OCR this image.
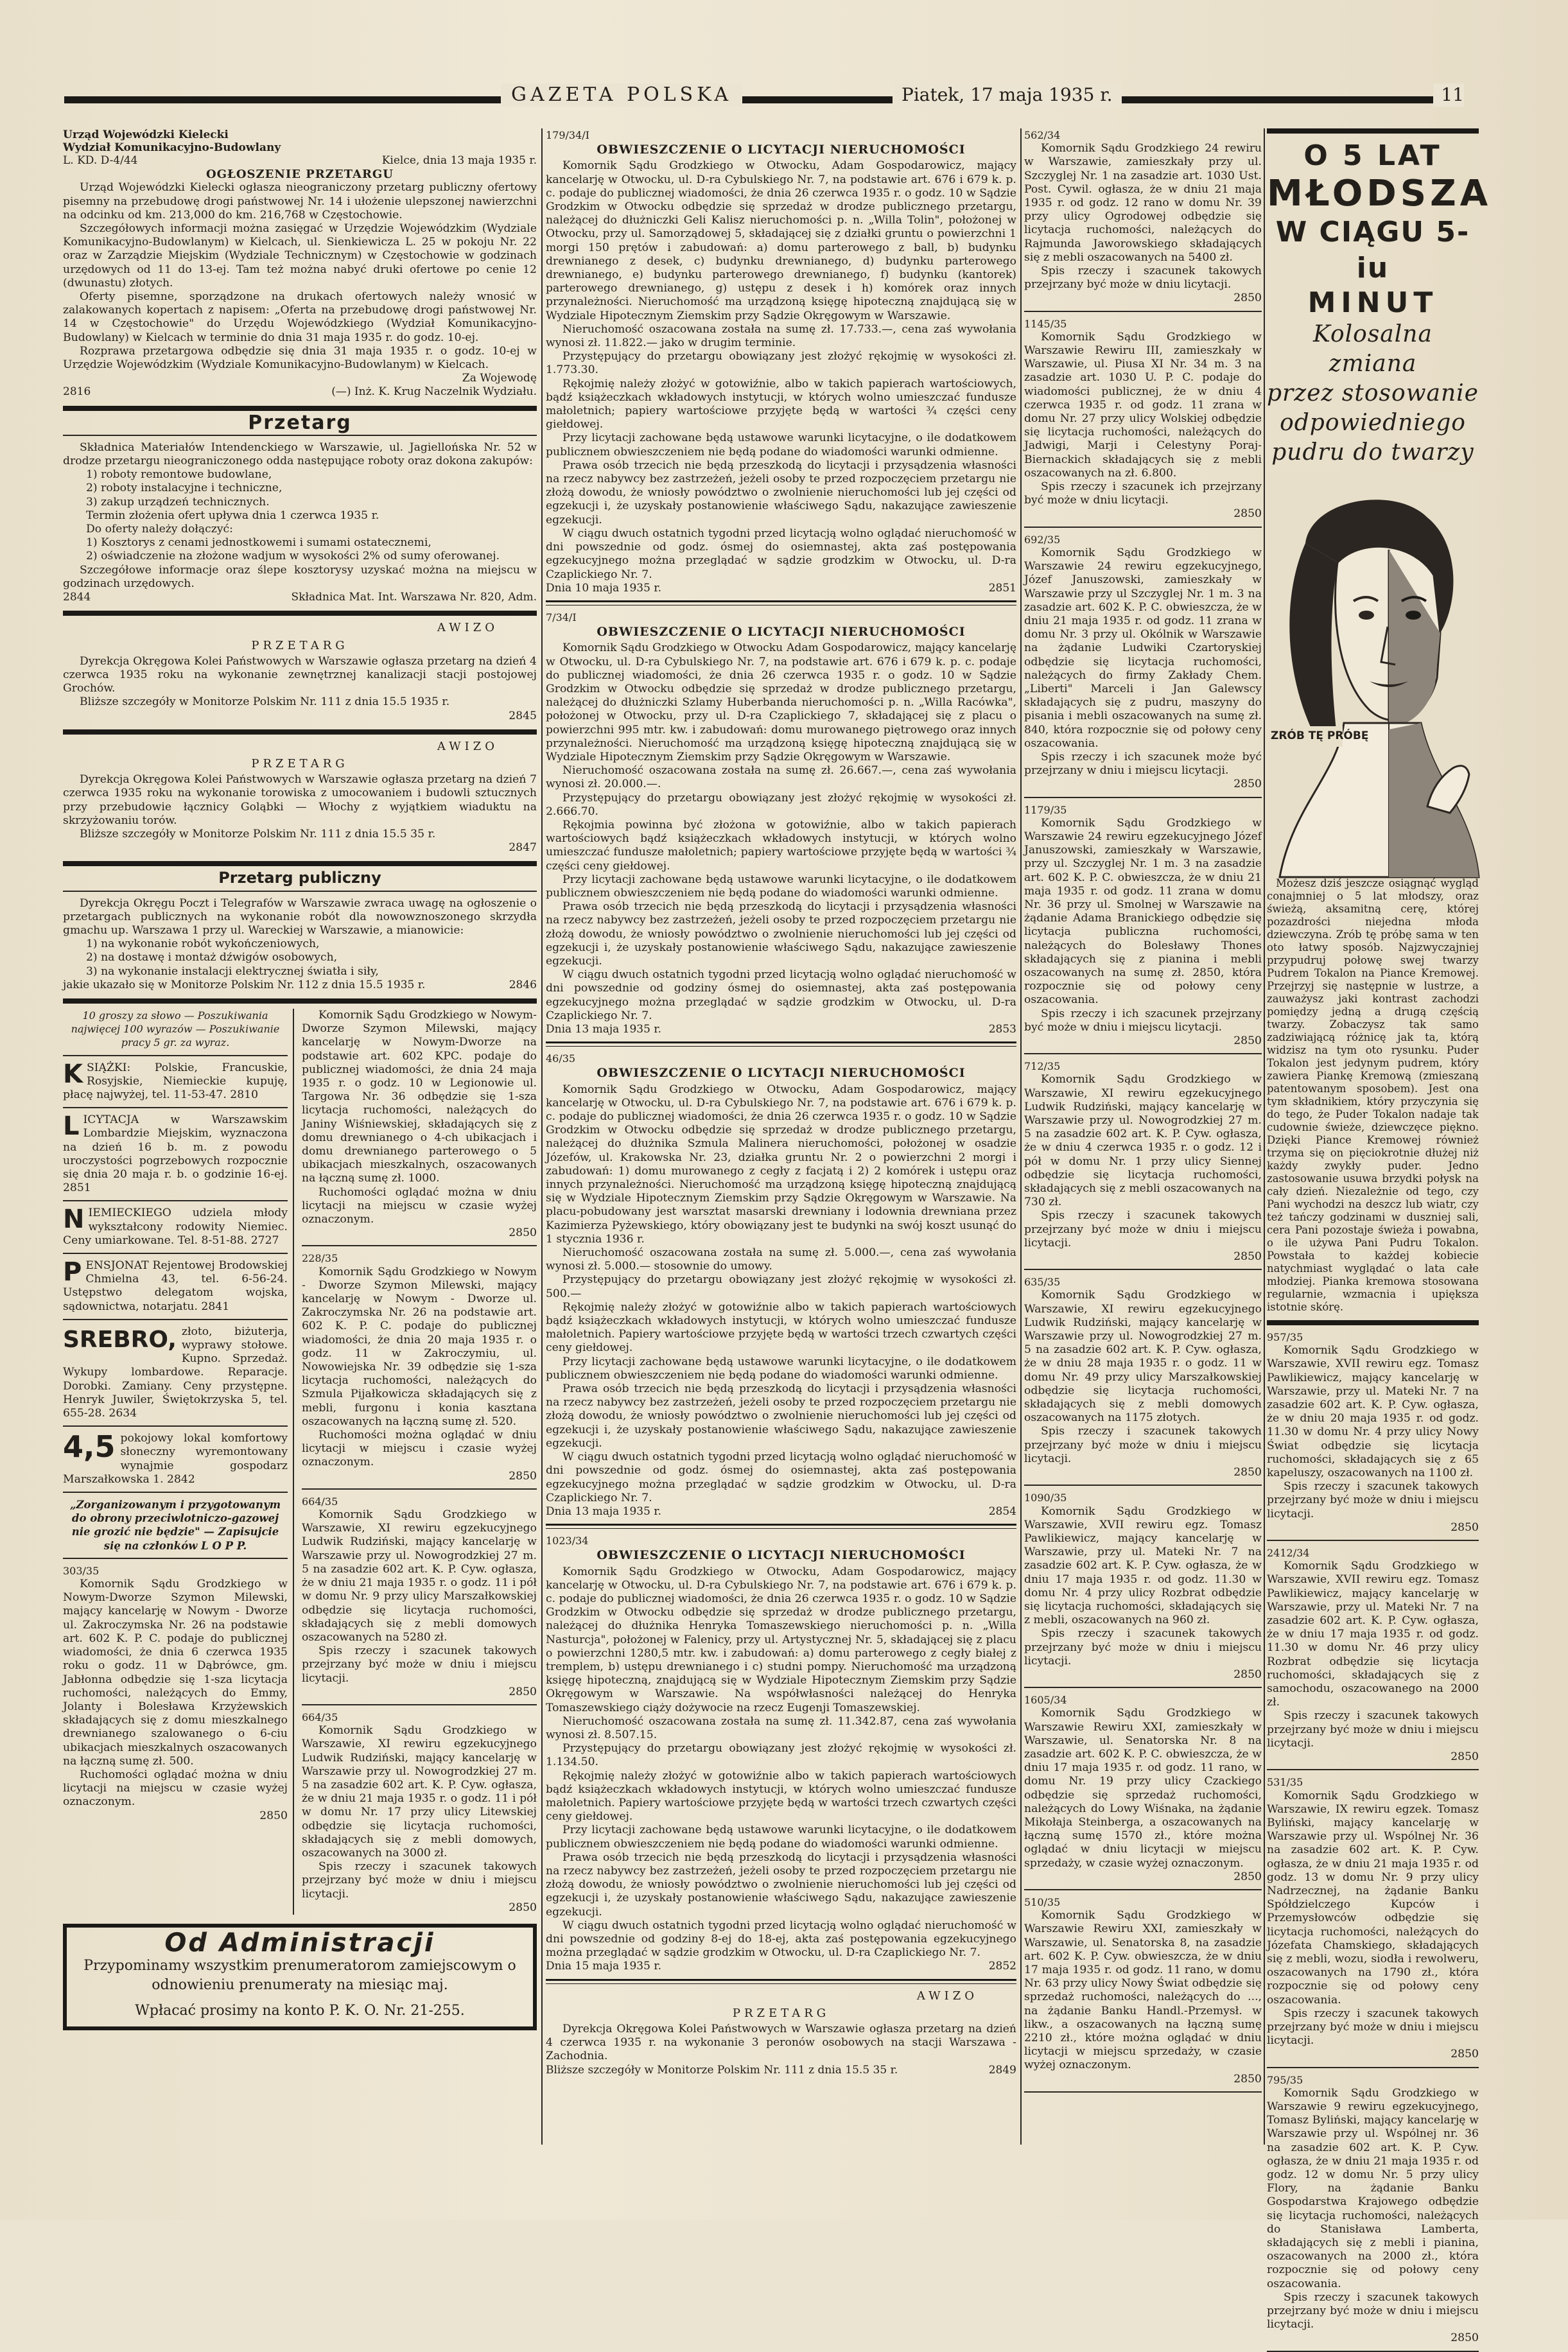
GAZETA POLSKA	Piatek, 17 maja 1935 r.	11
Urząd Wojewódzki Kielecki
Wydział Komunikacyjno-Budowlany
L. KD. D-4/44	Kielce, dnia 13 maja 1935 r.
OGŁOSZENIE PRZETARGU

Urząd Wojewódzki Kielecki ogłasza nieograniczony przetarg publiczny ofertowy pisemny na przebudowę drogi państwowej Nr. 14 i ułożenie ulepszonej nawierzchni na odcinku od km. 213,000 do km. 216,768 w Częstochowie.

Szczegółowych informacji można zasięgać w Urzędzie Wojewódzkim (Wydziale Komunikacyjno-Budowlanym) w Kielcach, ul. Sienkiewicza L. 25 w pokoju Nr. 22 oraz w Zarządzie Miejskim (Wydziale Technicznym) w Częstochowie w godzinach urzędowych od 11 do 13-ej. Tam też można nabyć druki ofertowe po cenie 12 (dwunastu) złotych.

Oferty pisemne, sporządzone na drukach ofertowych należy wnosić w zalakowanych kopertach z napisem: „Oferta na przebudowę drogi państwowej Nr. 14 w Częstochowie" do Urzędu Wojewódzkiego (Wydział Komunikacyjno-Budowlany) w Kielcach w terminie do dnia 31 maja 1935 r. do godz. 10-ej.

Rozprawa przetargowa odbędzie się dnia 31 maja 1935 r. o godz. 10-ej w Urzędzie Wojewódzkim (Wydziale Komunikacyjno-Budowlanym) w Kielcach.

Za Wojewodę
2816	(—) Inż. K. Krug Naczelnik Wydziału.
Przetarg

Składnica Materiałów Intendenckiego w Warszawie, ul. Jagiellońska Nr. 52 w drodze przetargu nieograniczonego odda następujące roboty oraz dokona zakupów:

1) roboty remontowe budowlane,
2) roboty instalacyjne i techniczne,
3) zakup urządzeń technicznych.
Termin złożenia ofert upływa dnia 1 czerwca 1935 r.
Do oferty należy dołączyć:
1) Kosztorys z cenami jednostkowemi i sumami ostatecznemi,
2) oświadczenie na złożone wadjum w wysokości 2% od sumy oferowanej.

Szczegółowe informacje oraz ślepe kosztorysy uzyskać można na miejscu w godzinach urzędowych.

2844	Składnica Mat. Int. Warszawa Nr. 820, Adm.
AWIZO
PRZETARG

Dyrekcja Okręgowa Kolei Państwowych w Warszawie ogłasza przetarg na dzień 4 czerwca 1935 roku na wykonanie zewnętrznej kanalizacji stacji postojowej Grochów.

Bliższe szczegóły w Monitorze Polskim Nr. 111 z dnia 15.5 1935 r.

2845
AWIZO
PRZETARG

Dyrekcja Okręgowa Kolei Państwowych w Warszawie ogłasza przetarg na dzień 7 czerwca 1935 roku na wykonanie torowiska z umocowaniem i budowli sztucznych przy przebudowie łącznicy Goląbki — Włochy z wyjątkiem wiaduktu na skrzyżowaniu torów.

Bliższe szczegóły w Monitorze Polskim Nr. 111 z dnia 15.5 35 r.

2847
Przetarg publiczny

Dyrekcja Okręgu Poczt i Telegrafów w Warszawie zwraca uwagę na ogłoszenie o przetargach publicznych na wykonanie robót dla nowowznoszonego skrzydła gmachu up. Warszawa 1 przy ul. Wareckiej w Warszawie, a mianowicie:

1) na wykonanie robót wykończeniowych,
2) na dostawę i montaż dźwigów osobowych,
3) na wykonanie instalacji elektrycznej światła i siły,
jakie ukazało się w Monitorze Polskim Nr. 112 z dnia 15.5 1935 r.	2846
10 groszy za słowo — Poszukiwania najwięcej 100 wyrazów — Poszukiwanie pracy 5 gr. za wyraz.
KSIĄŻKI: Polskie, Francuskie, Rosyjskie, Niemieckie kupuję, płacę najwyżej, tel. 11-53-47. 2810
LICYTACJA w Warszawskim Lombardzie Miejskim, wyznaczona na dzień 16 b. m. z powodu uroczystości pogrzebowych rozpocznie się dnia 20 maja r. b. o godzinie 16-ej. 2851
NIEMIECKIEGO udziela młody wykształcony rodowity Niemiec. Ceny umiarkowane. Tel. 8-51-88. 2727
PENSJONAT Rejentowej Brodowskiej Chmielna 43, tel. 6-56-24. Ustępstwo delegatom wojska, sądownictwa, notarjatu. 2841
SREBRO, złoto, biżuterja, wyprawy stołowe. Kupno. Sprzedaż. Wykupy lombardowe. Reparacje. Dorobki. Zamiany. Ceny przystępne. Henryk Juwiler, Świętokrzyska 5, tel. 655-28. 2634
4,5 pokojowy lokal komfortowy słoneczny wyremontowany wynajmie gospodarz Marszałkowska 1. 2842
„Zorganizowanym i przygotowanym do obrony przeciwlotniczo-gazowej nie grozić nie będzie" — Zapisujcie się na członków L O P P.
303/35

Komornik Sądu Grodzkiego w Nowym-Dworze Szymon Milewski, mający kancelarję w Nowym - Dworze ul. Zakroczymska Nr. 26 na podstawie art. 602 K. P. C. podaje do publicznej wiadomości, że dnia 6 czerwca 1935 roku o godz. 11 w Dąbrówce, gm. Jabłonna odbędzie się 1-sza licytacja ruchomości, należących do Emmy, Jolanty i Bolesława Krzyżewskich składających się z domu mieszkalnego drewnianego szalowanego o 6-ciu ubikacjach mieszkalnych oszacowanych na łączną sumę zł. 500.

Ruchomości oglądać można w dniu licytacji na miejscu w czasie wyżej oznaczonym.

2850

Komornik Sądu Grodzkiego w Nowym-Dworze Szymon Milewski, mający kancelarję w Nowym-Dworze na podstawie art. 602 KPC. podaje do publicznej wiadomości, że dnia 24 maja 1935 r. o godz. 10 w Legionowie ul. Targowa Nr. 36 odbędzie się 1-sza licytacja ruchomości, należących do Janiny Wiśniewskiej, składających się z domu drewnianego o 4-ch ubikacjach i domu drewnianego parterowego o 5 ubikacjach mieszkalnych, oszacowanych na łączną sumę zł. 1000.

Ruchomości oglądać można w dniu licytacji na miejscu w czasie wyżej oznaczonym.

2850
228/35

Komornik Sądu Grodzkiego w Nowym - Dworze Szymon Milewski, mający kancelarję w Nowym - Dworze ul. Zakroczymska Nr. 26 na podstawie art. 602 K. P. C. podaje do publicznej wiadomości, że dnia 20 maja 1935 r. o godz. 11 w Zakroczymiu, ul. Nowowiejska Nr. 39 odbędzie się 1-sza licytacja ruchomości, należących do Szmula Pijałkowicza składających się z mebli, furgonu i konia kasztana oszacowanych na łączną sumę zł. 520.

Ruchomości można oglądać w dniu licytacji w miejscu i czasie wyżej oznaczonym.

2850
664/35

Komornik Sądu Grodzkiego w Warszawie, XI rewiru egzekucyjnego Ludwik Rudziński, mający kancelarję w Warszawie przy ul. Nowogrodzkiej 27 m. 5 na zasadzie 602 art. K. P. Cyw. ogłasza, że w dniu 21 maja 1935 r. o godz. 11 i pół w domu Nr. 9 przy ulicy Marszałkowskiej odbędzie się licytacja ruchomości, składających się z mebli domowych oszacowanych na 5280 zł.

Spis rzeczy i szacunek takowych przejrzany być może w dniu i miejscu licytacji.

2850
664/35

Komornik Sądu Grodzkiego w Warszawie, XI rewiru egzekucyjnego Ludwik Rudziński, mający kancelarję w Warszawie przy ul. Nowogrodzkiej 27 m. 5 na zasadzie 602 art. K. P. Cyw. ogłasza, że w dniu 21 maja 1935 r. o godz. 11 i pół w domu Nr. 17 przy ulicy Litewskiej odbędzie się licytacja ruchomości, składających się z mebli domowych, oszacowanych na 3000 zł.

Spis rzeczy i szacunek takowych przejrzany być może w dniu i miejscu licytacji.

2850
Od Administracji
Przypominamy wszystkim prenumeratorom zamiejscowym o odnowieniu prenumeraty na miesiąc maj.
Wpłacać prosimy na konto P. K. O. Nr. 21-255.
179/34/I
OBWIESZCZENIE O LICYTACJI NIERUCHOMOŚCI

Komornik Sądu Grodzkiego w Otwocku, Adam Gospodarowicz, mający kancelarję w Otwocku, ul. D-ra Cybulskiego Nr. 7, na podstawie art. 676 i 679 k. p. c. podaje do publicznej wiadomości, że dnia 26 czerwca 1935 r. o godz. 10 w Sądzie Grodzkim w Otwocku odbędzie się sprzedaż w drodze publicznego przetargu, należącej do dłużniczki Geli Kalisz nieruchomości p. n. „Willa Tolin", położonej w Otwocku, przy ul. Samorządowej 5, składającej się z działki gruntu o powierzchni 1 morgi 150 prętów i zabudowań: a) domu parterowego z ball, b) budynku drewnianego z desek, c) budynku drewnianego, d) budynku parterowego drewnianego, e) budynku parterowego drewnianego, f) budynku (kantorek) parterowego drewnianego, g) ustępu z desek i h) komórek oraz innych przynależności. Nieruchomość ma urządzoną księgę hipoteczną znajdującą się w Wydziale Hipotecznym Ziemskim przy Sądzie Okręgowym w Warszawie.

Nieruchomość oszacowana została na sumę zł. 17.733.—, cena zaś wywołania wynosi zł. 11.822.— jako w drugim terminie.

Przystępujący do przetargu obowiązany jest złożyć rękojmię w wysokości zł. 1.773.30.

Rękojmię należy złożyć w gotowiźnie, albo w takich papierach wartościowych, bądź książeczkach wkładowych instytucji, w których wolno umieszczać fundusze małoletnich; papiery wartościowe przyjęte będą w wartości ¾ części ceny giełdowej.

Przy licytacji zachowane będą ustawowe warunki licytacyjne, o ile dodatkowem publicznem obwieszczeniem nie będą podane do wiadomości warunki odmienne.

Prawa osób trzecich nie będą przeszkodą do licytacji i przysądzenia własności na rzecz nabywcy bez zastrzeżeń, jeżeli osoby te przed rozpoczęciem przetargu nie złożą dowodu, że wniosły powództwo o zwolnienie nieruchomości lub jej części od egzekucji i, że uzyskały postanowienie właściwego Sądu, nakazujące zawieszenie egzekucji.

W ciągu dwuch ostatnich tygodni przed licytacją wolno oglądać nieruchomość w dni powszednie od godz. ósmej do osiemnastej, akta zaś postępowania egzekucyjnego można przeglądać w sądzie grodzkim w Otwocku, ul. D-ra Czaplickiego Nr. 7.

Dnia 10 maja 1935 r.	2851
7/34/I
OBWIESZCZENIE O LICYTACJI NIERUCHOMOŚCI

Komornik Sądu Grodzkiego w Otwocku Adam Gospodarowicz, mający kancelarję w Otwocku, ul. D-ra Cybulskiego Nr. 7, na podstawie art. 676 i 679 k. p. c. podaje do publicznej wiadomości, że dnia 26 czerwca 1935 r. o godz. 10 w Sądzie Grodzkim w Otwocku odbędzie się sprzedaż w drodze publicznego przetargu, należącej do dłużniczki Szlamy Huberbanda nieruchomości p. n. „Willa Racówka", położonej w Otwocku, przy ul. D-ra Czaplickiego 7, składającej się z placu o powierzchni 995 mtr. kw. i zabudowań: domu murowanego piętrowego oraz innych przynależności. Nieruchomość ma urządzoną księgę hipoteczną znajdującą się w Wydziale Hipotecznym Ziemskim przy Sądzie Okręgowym w Warszawie.

Nieruchomość oszacowana została na sumę zł. 26.667.—, cena zaś wywołania wynosi zł. 20.000.—.

Przystępujący do przetargu obowiązany jest złożyć rękojmię w wysokości zł. 2.666.70.

Rękojmia powinna być złożona w gotowiźnie, albo w takich papierach wartościowych bądź książeczkach wkładowych instytucji, w których wolno umieszczać fundusze małoletnich; papiery wartościowe przyjęte będą w wartości ¾ części ceny giełdowej.

Przy licytacji zachowane będą ustawowe warunki licytacyjne, o ile dodatkowem publicznem obwieszczeniem nie będą podane do wiadomości warunki odmienne.

Prawa osób trzecich nie będą przeszkodą do licytacji i przysądzenia własności na rzecz nabywcy bez zastrzeżeń, jeżeli osoby te przed rozpoczęciem przetargu nie złożą dowodu, że wniosły powództwo o zwolnienie nieruchomości lub jej części od egzekucji i, że uzyskały postanowienie właściwego Sądu, nakazujące zawieszenie egzekucji.

W ciągu dwuch ostatnich tygodni przed licytacją wolno oglądać nieruchomość w dni powszednie od godziny ósmej do osiemnastej, akta zaś postępowania egzekucyjnego można przeglądać w sądzie grodzkim w Otwocku, ul. D-ra Czaplickiego Nr. 7.

Dnia 13 maja 1935 r.	2853
46/35
OBWIESZCZENIE O LICYTACJI NIERUCHOMOŚCI

Komornik Sądu Grodzkiego w Otwocku, Adam Gospodarowicz, mający kancelarję w Otwocku, ul. D-ra Cybulskiego Nr. 7, na podstawie art. 676 i 679 k. p. c. podaje do publicznej wiadomości, że dnia 26 czerwca 1935 r. o godz. 10 w Sądzie Grodzkim w Otwocku odbędzie się sprzedaż w drodze publicznego przetargu, należącej do dłużnika Szmula Malinera nieruchomości, położonej w osadzie Józefów, ul. Krakowska Nr. 23, działka gruntu Nr. 2 o powierzchni 2 morgi i zabudowań: 1) domu murowanego z cegły z facjatą i 2) 2 komórek i ustępu oraz innych przynależności. Nieruchomość ma urządzoną księgę hipoteczną znajdującą się w Wydziale Hipotecznym Ziemskim przy Sądzie Okręgowym w Warszawie. Na placu-pobudowany jest warsztat masarski drewniany i lodownia drewniana przez Kazimierza Pyżewskiego, który obowiązany jest te budynki na swój koszt usunąć do 1 stycznia 1936 r.

Nieruchomość oszacowana została na sumę zł. 5.000.—, cena zaś wywołania wynosi zł. 5.000.— stosownie do umowy.

Przystępujący do przetargu obowiązany jest złożyć rękojmię w wysokości zł. 500.—

Rękojmię należy złożyć w gotowiźnie albo w takich papierach wartościowych bądź książeczkach wkładowych instytucji, w których wolno umieszczać fundusze małoletnich. Papiery wartościowe przyjęte będą w wartości trzech czwartych części ceny giełdowej.

Przy licytacji zachowane będą ustawowe warunki licytacyjne, o ile dodatkowem publicznem obwieszczeniem nie będą podane do wiadomości warunki odmienne.

Prawa osób trzecich nie będą przeszkodą do licytacji i przysądzenia własności na rzecz nabywcy bez zastrzeżeń, jeżeli osoby te przed rozpoczęciem przetargu nie złożą dowodu, że wniosły powództwo o zwolnienie nieruchomości lub jej części od egzekucji i, że uzyskały postanowienie właściwego Sądu, nakazujące zawieszenie egzekucji.

W ciągu dwuch ostatnich tygodni przed licytacją wolno oglądać nieruchomość w dni powszednie od godz. ósmej do osiemnastej, akta zaś postępowania egzekucyjnego można przeglądać w sądzie grodzkim w Otwocku, ul. D-ra Czaplickiego Nr. 7.

Dnia 13 maja 1935 r.	2854
1023/34
OBWIESZCZENIE O LICYTACJI NIERUCHOMOŚCI

Komornik Sądu Grodzkiego w Otwocku, Adam Gospodarowicz, mający kancelarję w Otwocku, ul. D-ra Cybulskiego Nr. 7, na podstawie art. 676 i 679 k. p. c. podaje do publicznej wiadomości, że dnia 26 czerwca 1935 r. o godz. 10 w Sądzie Grodzkim w Otwocku odbędzie się sprzedaż w drodze publicznego przetargu, należącej do dłużnika Henryka Tomaszewskiego nieruchomości p. n. „Willa Nasturcja", położonej w Falenicy, przy ul. Artystycznej Nr. 5, składającej się z placu o powierzchni 1280,5 mtr. kw. i zabudowań: a) domu parterowego z cegły białej z tremplem, b) ustępu drewnianego i c) studni pompy. Nieruchomość ma urządzoną księgę hipoteczną, znajdującą się w Wydziale Hipotecznym Ziemskim przy Sądzie Okręgowym w Warszawie. Na współwłasności należącej do Henryka Tomaszewskiego ciąży dożywocie na rzecz Eugenji Tomaszewskiej.

Nieruchomość oszacowana została na sumę zł. 11.342.87, cena zaś wywołania wynosi zł. 8.507.15.

Przystępujący do przetargu obowiązany jest złożyć rękojmię w wysokości zł. 1.134.50.

Rękojmię należy złożyć w gotowiźnie albo w takich papierach wartościowych bądź książeczkach wkładowych instytucji, w których wolno umieszczać fundusze małoletnich. Papiery wartościowe przyjęte będą w wartości trzech czwartych części ceny giełdowej.

Przy licytacji zachowane będą ustawowe warunki licytacyjne, o ile dodatkowem publicznem obwieszczeniem nie będą podane do wiadomości warunki odmienne.

Prawa osób trzecich nie będą przeszkodą do licytacji i przysądzenia własności na rzecz nabywcy bez zastrzeżeń, jeżeli osoby te przed rozpoczęciem przetargu nie złożą dowodu, że wniosły powództwo o zwolnienie nieruchomości lub jej części od egzekucji i, że uzyskały postanowienie właściwego Sądu, nakazujące zawieszenie egzekucji.

W ciągu dwuch ostatnich tygodni przed licytacją wolno oglądać nieruchomość w dni powszednie od godziny 8-ej do 18-ej, akta zaś postępowania egzekucyjnego można przeglądać w sądzie grodzkim w Otwocku, ul. D-ra Czaplickiego Nr. 7.

Dnia 15 maja 1935 r.	2852
AWIZO
PRZETARG

Dyrekcja Okręgowa Kolei Państwowych w Warszawie ogłasza przetarg na dzień 4 czerwca 1935 r. na wykonanie 3 peronów osobowych na stacji Warszawa - Zachodnia.

Bliższe szczegóły w Monitorze Polskim Nr. 111 z dnia 15.5 35 r.	2849
562/34

Komornik Sądu Grodzkiego 24 rewiru w Warszawie, zamieszkały przy ul. Szczyglej Nr. 1 na zasadzie art. 1030 Ust. Post. Cywil. ogłasza, że w dniu 21 maja 1935 r. od godz. 12 rano w domu Nr. 39 przy ulicy Ogrodowej odbędzie się licytacja ruchomości, należących do Rajmunda Jaworowskiego składających się z mebli oszacowanych na 5400 zł.

Spis rzeczy i szacunek takowych przejrzany być może w dniu licytacji.

2850
1145/35

Komornik Sądu Grodzkiego w Warszawie Rewiru III, zamieszkały w Warszawie, ul. Piusa XI Nr. 34 m. 3 na zasadzie art. 1030 U. P. C. podaje do wiadomości publicznej, że w dniu 4 czerwca 1935 r. od godz. 11 zrana w domu Nr. 27 przy ulicy Wolskiej odbędzie się licytacja ruchomości, należących do Jadwigi, Marji i Celestyny Poraj-Biernackich składających się z mebli oszacowanych na zł. 6.800.

Spis rzeczy i szacunek ich przejrzany być może w dniu licytacji.

2850
692/35

Komornik Sądu Grodzkiego w Warszawie 24 rewiru egzekucyjnego, Józef Januszowski, zamieszkały w Warszawie przy ul Szczyglej Nr. 1 m. 3 na zasadzie art. 602 K. P. C. obwieszcza, że w dniu 21 maja 1935 r. od godz. 11 zrana w domu Nr. 3 przy ul. Okólnik w Warszawie na żądanie Ludwiki Czartoryskiej odbędzie się licytacja ruchomości, należących do firmy Zakłady Chem. „Liberti" Marceli i Jan Galewscy składających się z pudru, maszyny do pisania i mebli oszacowanych na sumę zł. 840, która rozpocznie się od połowy ceny oszacowania.

Spis rzeczy i ich szacunek może być przejrzany w dniu i miejscu licytacji.

2850
1179/35

Komornik Sądu Grodzkiego w Warszawie 24 rewiru egzekucyjnego Józef Januszowski, zamieszkały w Warszawie, przy ul. Szczyglej Nr. 1 m. 3 na zasadzie art. 602 K. P. C. obwieszcza, że w dniu 21 maja 1935 r. od godz. 11 zrana w domu Nr. 36 przy ul. Smolnej w Warszawie na żądanie Adama Branickiego odbędzie się licytacja publiczna ruchomości, należących do Bolesławy Thones składających się z pianina i mebli oszacowanych na sumę zł. 2850, która rozpocznie się od połowy ceny oszacowania.

Spis rzeczy i ich szacunek przejrzany być może w dniu i miejscu licytacji.

2850
712/35

Komornik Sądu Grodzkiego w Warszawie, XI rewiru egzekucyjnego Ludwik Rudziński, mający kancelarję w Warszawie przy ul. Nowogrodzkiej 27 m. 5 na zasadzie 602 art. K. P. Cyw. ogłasza, że w dniu 4 czerwca 1935 r. o godz. 12 i pół w domu Nr. 1 przy ulicy Siennej odbędzie się licytacja ruchomości, składających się z mebli oszacowanych na 730 zł.

Spis rzeczy i szacunek takowych przejrzany być może w dniu i miejscu licytacji.

2850
635/35

Komornik Sądu Grodzkiego w Warszawie, XI rewiru egzekucyjnego Ludwik Rudziński, mający kancelarję w Warszawie przy ul. Nowogrodzkiej 27 m. 5 na zasadzie 602 art. K. P. Cyw. ogłasza, że w dniu 28 maja 1935 r. o godz. 11 w domu Nr. 49 przy ulicy Marszałkowskiej odbędzie się licytacja ruchomości, składających się z mebli domowych oszacowanych na 1175 złotych.

Spis rzeczy i szacunek takowych przejrzany być może w dniu i miejscu licytacji.

2850
1090/35

Komornik Sądu Grodzkiego w Warszawie, XVII rewiru egz. Tomasz Pawlikiewicz, mający kancelarję w Warszawie, przy ul. Mateki Nr. 7 na zasadzie 602 art. K. P. Cyw. ogłasza, że w dniu 17 maja 1935 r. od godz. 11.30 w domu Nr. 4 przy ulicy Rozbrat odbędzie się licytacja ruchomości, składających się z mebli, oszacowanych na 960 zł.

Spis rzeczy i szacunek takowych przejrzany być może w dniu i miejscu licytacji.

2850
1605/34

Komornik Sądu Grodzkiego w Warszawie Rewiru XXI, zamieszkały w Warszawie, ul. Senatorska Nr. 8 na zasadzie art. 602 K. P. C. obwieszcza, że w dniu 17 maja 1935 r. od godz. 11 rano, w domu Nr. 19 przy ulicy Czackiego odbędzie się sprzedaż ruchomości, należących do Lowy Wiśnaka, na żądanie Mikołaja Steinberga, a oszacowanych na łączną sumę 1570 zł., które można oglądać w dniu licytacji w miejscu sprzedaży, w czasie wyżej oznaczonym.

2850
510/35

Komornik Sądu Grodzkiego w Warszawie Rewiru XXI, zamieszkały w Warszawie, ul. Senatorska 8, na zasadzie art. 602 K. P. Cyw. obwieszcza, że w dniu 17 maja 1935 r. od godz. 11 rano, w domu Nr. 63 przy ulicy Nowy Świat odbędzie się sprzedaż ruchomości, należących do ..., na żądanie Banku Handl.-Przemysł. w likw., a oszacowanych na łączną sumę 2210 zł., które można oglądać w dniu licytacji w miejscu sprzedaży, w czasie wyżej oznaczonym.

2850
O 5 LAT
MŁODSZA
W CIĄGU 5-iu
MINUT
Kolosalna zmiana
przez stosowanie
odpowiedniego
pudru do twarzy
ZRÓB TĘ PRÓBĘ

Możesz dziś jeszcze osiągnąć wygląd conajmniej o 5 lat młodszy, oraz świeżą, aksamitną cerę, której pozazdrości niejedna młoda dziewczyna. Zrób tę próbę sama w ten oto łatwy sposób. Najzwyczajniej przypudruj połowę swej twarzy Pudrem Tokalon na Piance Kremowej. Przejrzyj się następnie w lustrze, a zauważysz jaki kontrast zachodzi pomiędzy jedną a drugą częścią twarzy. Zobaczysz tak samo zadziwiającą różnicę jak ta, którą widzisz na tym oto rysunku. Puder Tokalon jest jedynym pudrem, który zawiera Piankę Kremową (zmieszaną patentowanym sposobem). Jest ona tym składnikiem, który przyczynia się do tego, że Puder Tokalon nadaje tak cudownie świeże, dziewczęce piękno. Dzięki Piance Kremowej również trzyma się on pięciokrotnie dłużej niż każdy zwykły puder. Jedno zastosowanie usuwa brzydki połysk na cały dzień. Niezależnie od tego, czy Pani wychodzi na deszcz lub wiatr, czy też tańczy godzinami w duszniej sali, cera Pani pozostaje świeża i powabna, o ile używa Pani Pudru Tokalon. Powstała to każdej kobiecie natychmiast wyglądać o lata całe młodziej. Pianka kremowa stosowana regularnie, wzmacnia i upiększa istotnie skórę.

957/35

Komornik Sądu Grodzkiego w Warszawie, XVII rewiru egz. Tomasz Pawlikiewicz, mający kancelarję w Warszawie, przy ul. Mateki Nr. 7 na zasadzie 602 art. K. P. Cyw. ogłasza, że w dniu 20 maja 1935 r. od godz. 11.30 w domu Nr. 4 przy ulicy Nowy Świat odbędzie się licytacja ruchomości, składających się z 65 kapeluszy, oszacowanych na 1100 zł.

Spis rzeczy i szacunek takowych przejrzany być może w dniu i miejscu licytacji.

2850
2412/34

Komornik Sądu Grodzkiego w Warszawie, XVII rewiru egz. Tomasz Pawlikiewicz, mający kancelarję w Warszawie, przy ul. Mateki Nr. 7 na zasadzie 602 art. K. P. Cyw. ogłasza, że w dniu 17 maja 1935 r. od godz. 11.30 w domu Nr. 46 przy ulicy Rozbrat odbędzie się licytacja ruchomości, składających się z samochodu, oszacowanego na 2000 zł.

Spis rzeczy i szacunek takowych przejrzany być może w dniu i miejscu licytacji.

2850
531/35

Komornik Sądu Grodzkiego w Warszawie, IX rewiru egzek. Tomasz Byliński, mający kancelarję w Warszawie przy ul. Wspólnej Nr. 36 na zasadzie 602 art. K. P. Cyw. ogłasza, że w dniu 21 maja 1935 r. od godz. 13 w domu Nr. 9 przy ulicy Nadrzecznej, na żądanie Banku Spółdzielczego Kupców i Przemysłowców odbędzie się licytacja ruchomości, należących do Józefata Chamskiego, składających się z mebli, wozu, siodła i rewolweru, oszacowanych na 1790 zł., która rozpocznie się od połowy ceny oszacowania.

Spis rzeczy i szacunek takowych przejrzany być może w dniu i miejscu licytacji.

2850
795/35

Komornik Sądu Grodzkiego w Warszawie 9 rewiru egzekucyjnego, Tomasz Byliński, mający kancelarję w Warszawie przy ul. Wspólnej nr. 36 na zasadzie 602 art. K. P. Cyw. ogłasza, że w dniu 21 maja 1935 r. od godz. 12 w domu Nr. 5 przy ulicy Flory, na żądanie Banku Gospodarstwa Krajowego odbędzie się licytacja ruchomości, należących do Stanisława Lamberta, składających się z mebli i pianina, oszacowanych na 2000 zł., która rozpocznie się od połowy ceny oszacowania.

Spis rzeczy i szacunek takowych przejrzany być może w dniu i miejscu licytacji.

2850
